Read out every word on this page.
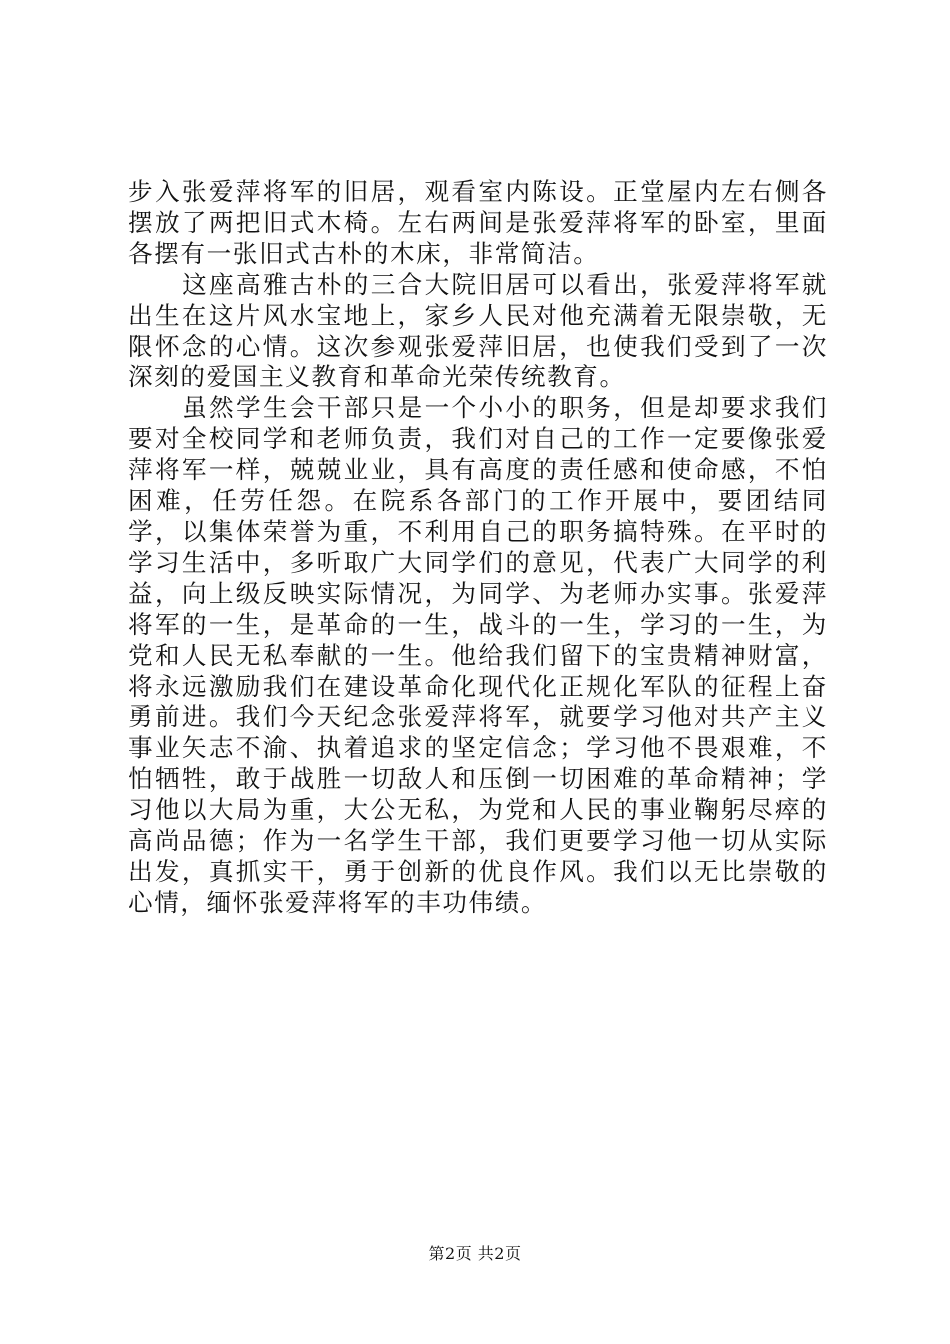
步入张爱萍将军的旧居，观看室内陈设。正堂屋内左右侧各摆放了两把旧式木椅。左右两间是张爱萍将军的卧室，里面各摆有一张旧式古朴的木床，非常简洁。

这座高雅古朴的三合大院旧居可以看出，张爱萍将军就出生在这片风水宝地上，家乡人民对他充满着无限崇敬，无限怀念的心情。这次参观张爱萍旧居，也使我们受到了一次深刻的爱国主义教育和革命光荣传统教育。

虽然学生会干部只是一个小小的职务，但是却要求我们要对全校同学和老师负责，我们对自己的工作一定要像张爱萍将军一样，兢兢业业，具有高度的责任感和使命感，不怕困难，任劳任怨。在院系各部门的工作开展中，要团结同学，以集体荣誉为重，不利用自己的职务搞特殊。在平时的学习生活中，多听取广大同学们的意见，代表广大同学的利益，向上级反映实际情况，为同学、为老师办实事。张爱萍将军的一生，是革命的一生，战斗的一生，学习的一生，为党和人民无私奉献的一生。他给我们留下的宝贵精神财富，将永远激励我们在建设革命化现代化正规化军队的征程上奋勇前进。我们今天纪念张爱萍将军，就要学习他对共产主义事业矢志不渝、执着追求的坚定信念；学习他不畏艰难，不怕牺牲，敢于战胜一切敌人和压倒一切困难的革命精神；学习他以大局为重，大公无私，为党和人民的事业鞠躬尽瘁的高尚品德；作为一名学生干部，我们更要学习他一切从实际出发，真抓实干，勇于创新的优良作风。我们以无比崇敬的心情，缅怀张爱萍将军的丰功伟绩。

第2页 共2页
